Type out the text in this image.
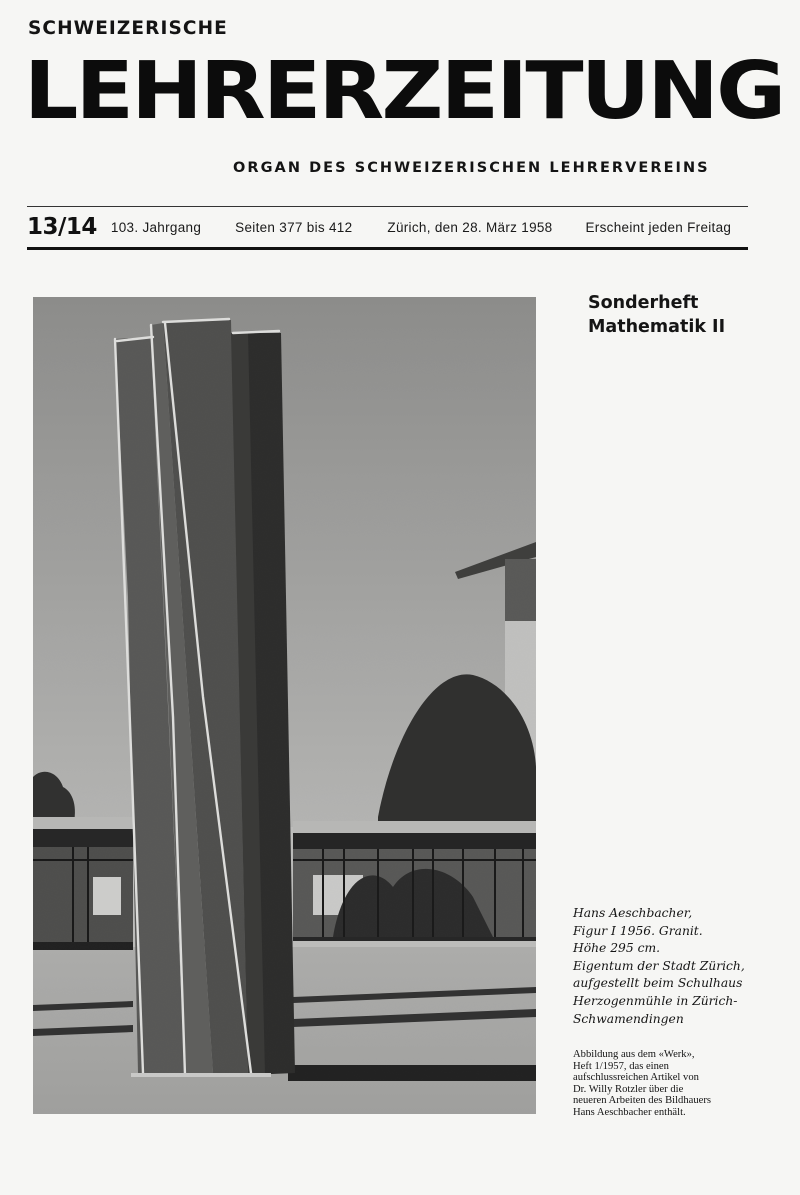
SCHWEIZERISCHE
LEHRERZEITUNG
ORGAN DES SCHWEIZERISCHEN LEHRERVEREINS
13/14 103. Jahrgang	Seiten 377 bis 412	Zürich, den 28. März 1958 Erscheint jeden Freitag
Sonderheft
Mathematik II
Hans Aeschbacher,
Figur I 1956. Granit.
Höhe 295 cm.
Eigentum der Stadt Zürich,
aufgestellt beim Schulhaus
Herzogenmühle in Zürich-
Schwamendingen
Abbildung aus dem «Werk»,
Heft 1/1957, das einen
aufschlussreichen Artikel von
Dr. Willy Rotzler über die
neueren Arbeiten des Bildhauers
Hans Aeschbacher enthält.
